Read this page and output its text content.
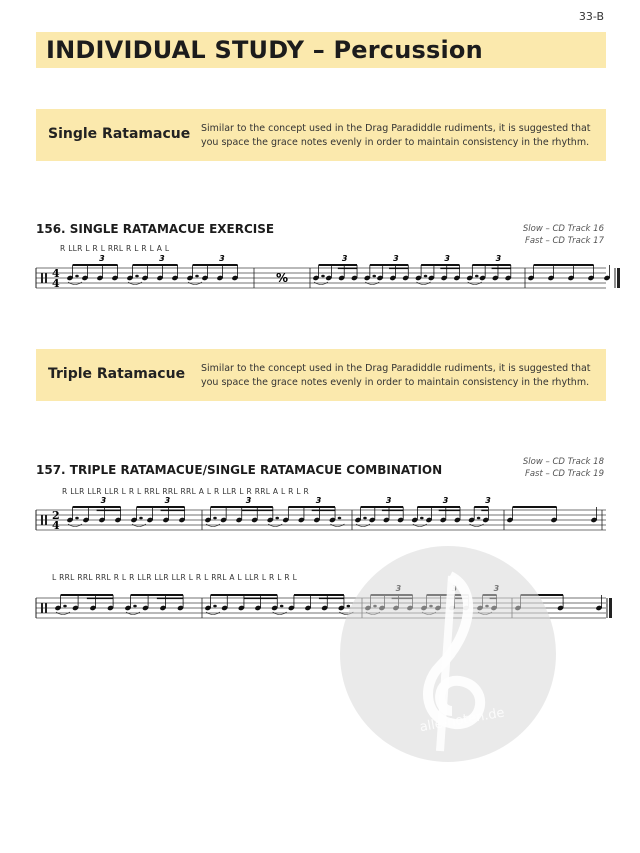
33-B
INDIVIDUAL STUDY – Percussion
Single Ratamacue Similar to the concept used in the Drag Paradiddle rudiments, it is suggested that you space the grace notes evenly in order to maintain consistency in the rhythm.
156. SINGLE RATAMACUE EXERCISE	Slow – CD Track 16
Fast – CD Track 17
R LLR L R L RRL R L R L A L
4
4
3	3	3
%
3	3	3	3
Triple Ratamacue Similar to the concept used in the Drag Paradiddle rudiments, it is suggested that you space the grace notes evenly in order to maintain consistency in the rhythm.
157. TRIPLE RATAMACUE/SINGLE RATAMACUE COMBINATION
Slow – CD Track 18
Fast – CD Track 19
R LLR LLR LLR L R L RRL RRL RRL A L R LLR L R RRL A L R L R
2
4
3	3	3	3	3	3	3
L RRL RRL RRL R L R LLR LLR LLR L R L RRL A L LLR L R L R L
alle-noten.de
